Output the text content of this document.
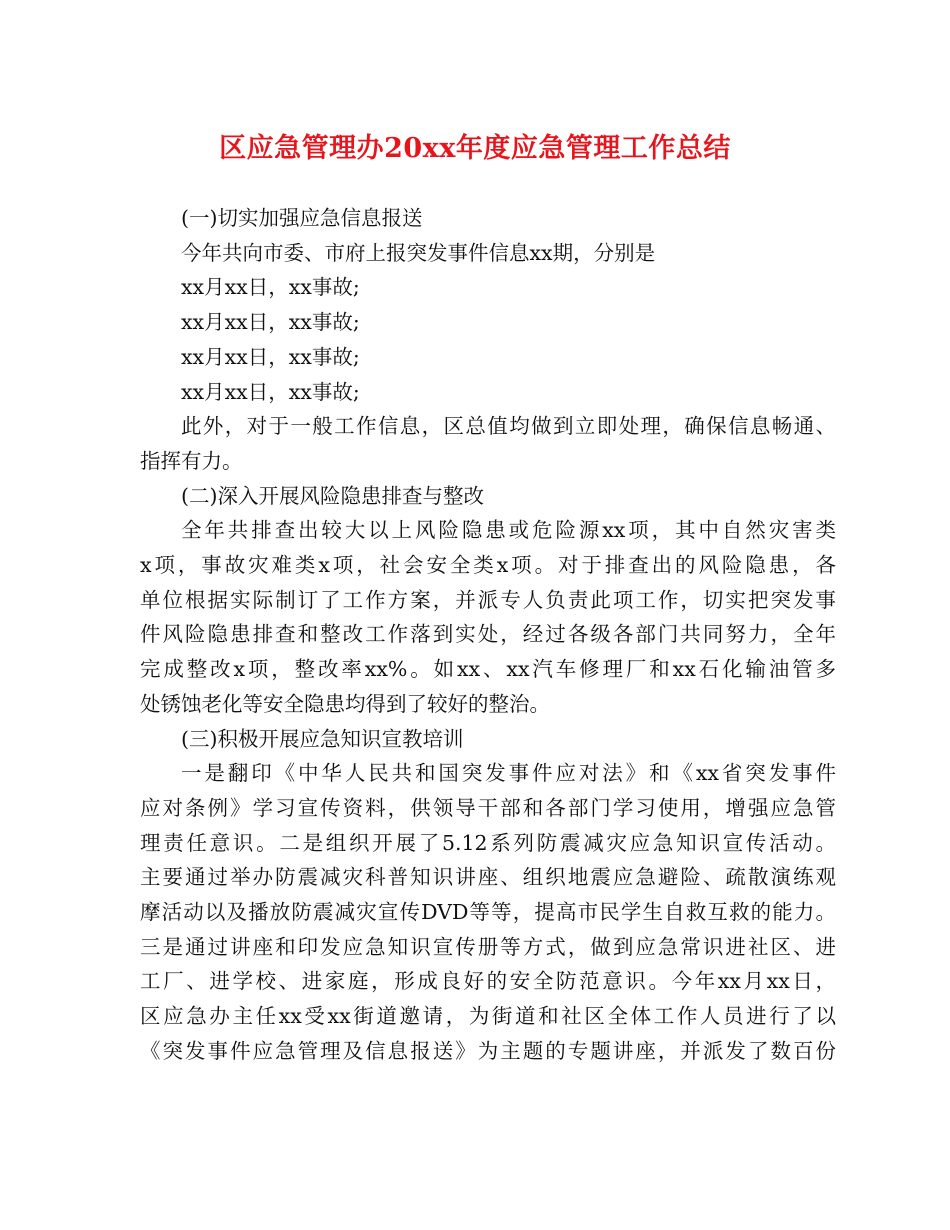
区应急管理办20xx年度应急管理工作总结
(一)切实加强应急信息报送
今年共向市委、市府上报突发事件信息xx期，分别是
xx月xx日，xx事故;
xx月xx日，xx事故;
xx月xx日，xx事故;
xx月xx日，xx事故;
此外，对于一般工作信息，区总值均做到立即处理，确保信息畅通、
指挥有力。
(二)深入开展风险隐患排查与整改
全年共排查出较大以上风险隐患或危险源xx项，其中自然灾害类
x项，事故灾难类x项，社会安全类x项。对于排查出的风险隐患，各
单位根据实际制订了工作方案，并派专人负责此项工作，切实把突发事
件风险隐患排查和整改工作落到实处，经过各级各部门共同努力，全年
完成整改x项，整改率xx%。如xx、xx汽车修理厂和xx石化输油管多
处锈蚀老化等安全隐患均得到了较好的整治。
(三)积极开展应急知识宣教培训
一是翻印《中华人民共和国突发事件应对法》和《xx省突发事件
应对条例》学习宣传资料，供领导干部和各部门学习使用，增强应急管
理责任意识。二是组织开展了5.12系列防震减灾应急知识宣传活动。
主要通过举办防震减灾科普知识讲座、组织地震应急避险、疏散演练观
摩活动以及播放防震减灾宣传DVD等等，提高市民学生自救互救的能力。
三是通过讲座和印发应急知识宣传册等方式，做到应急常识进社区、进
工厂、进学校、进家庭，形成良好的安全防范意识。今年xx月xx日，
区应急办主任xx受xx街道邀请，为街道和社区全体工作人员进行了以
《突发事件应急管理及信息报送》为主题的专题讲座，并派发了数百份
